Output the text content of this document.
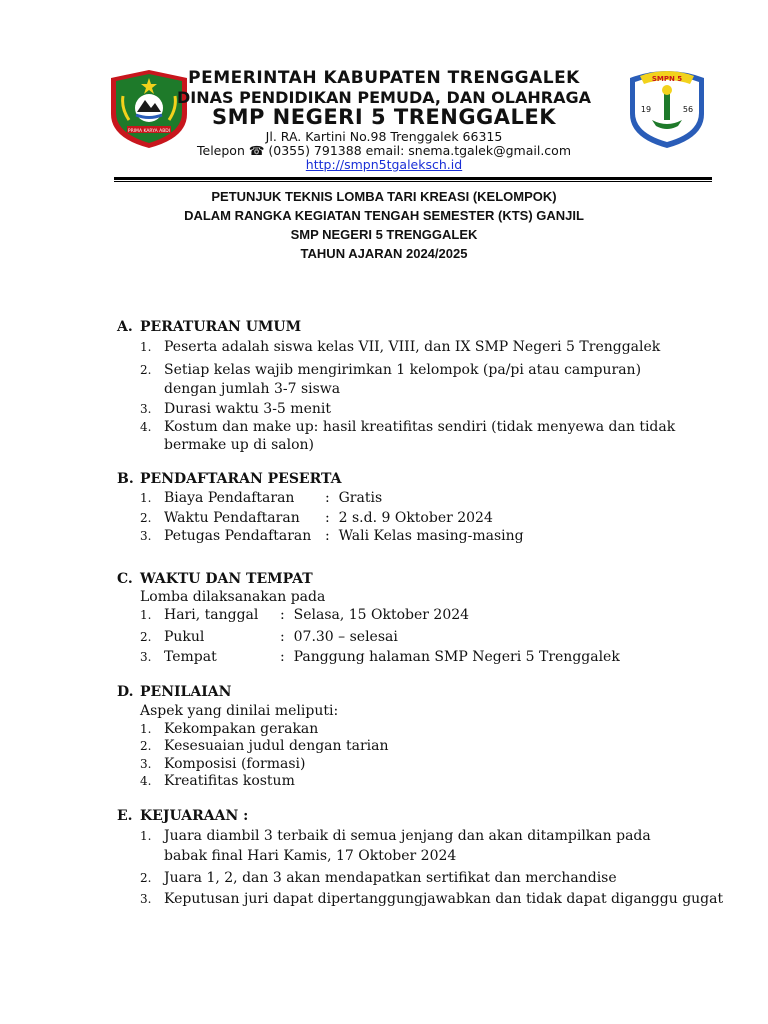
PRIMA KARYA ABDI
SMPN 5
19	56
PEMERINTAH KABUPATEN TRENGGALEK
DINAS PENDIDIKAN PEMUDA, DAN OLAHRAGA
SMP NEGERI 5 TRENGGALEK
Jl. RA. Kartini No.98 Trenggalek 66315
Telepon ☎ (0355) 791388 email: snema.tgalek@gmail.com
http://smpn5tgaleksch.id
PETUNJUK TEKNIS LOMBA TARI KREASI (KELOMPOK)
DALAM RANGKA KEGIATAN TENGAH SEMESTER (KTS) GANJIL
SMP NEGERI 5 TRENGGALEK
TAHUN AJARAN 2024/2025
A. PERATURAN UMUM
1. Peserta adalah siswa kelas VII, VIII, dan IX SMP Negeri 5 Trenggalek
2. Setiap kelas wajib mengirimkan 1 kelompok (pa/pi atau campuran)
dengan jumlah 3-7 siswa
3. Durasi waktu 3-5 menit
4. Kostum dan make up: hasil kreatifitas sendiri (tidak menyewa dan tidak
bermake up di salon)
B. PENDAFTARAN PESERTA
1. Biaya Pendaftaran :  Gratis
2. Waktu Pendaftaran :  2 s.d. 9 Oktober 2024
3. Petugas Pendaftaran :  Wali Kelas masing-masing
C. WAKTU DAN TEMPAT
Lomba dilaksanakan pada
1. Hari, tanggal :  Selasa, 15 Oktober 2024
2. Pukul	:  07.30 – selesai
3. Tempat	:  Panggung halaman SMP Negeri 5 Trenggalek
D. PENILAIAN
Aspek yang dinilai meliputi:
1. Kekompakan gerakan
2. Kesesuaian judul dengan tarian
3. Komposisi (formasi)
4. Kreatifitas kostum
E. KEJUARAAN :
1. Juara diambil 3 terbaik di semua jenjang dan akan ditampilkan pada
babak final Hari Kamis, 17 Oktober 2024
2. Juara 1, 2, dan 3 akan mendapatkan sertifikat dan merchandise
3. Keputusan juri dapat dipertanggungjawabkan dan tidak dapat diganggu gugat
